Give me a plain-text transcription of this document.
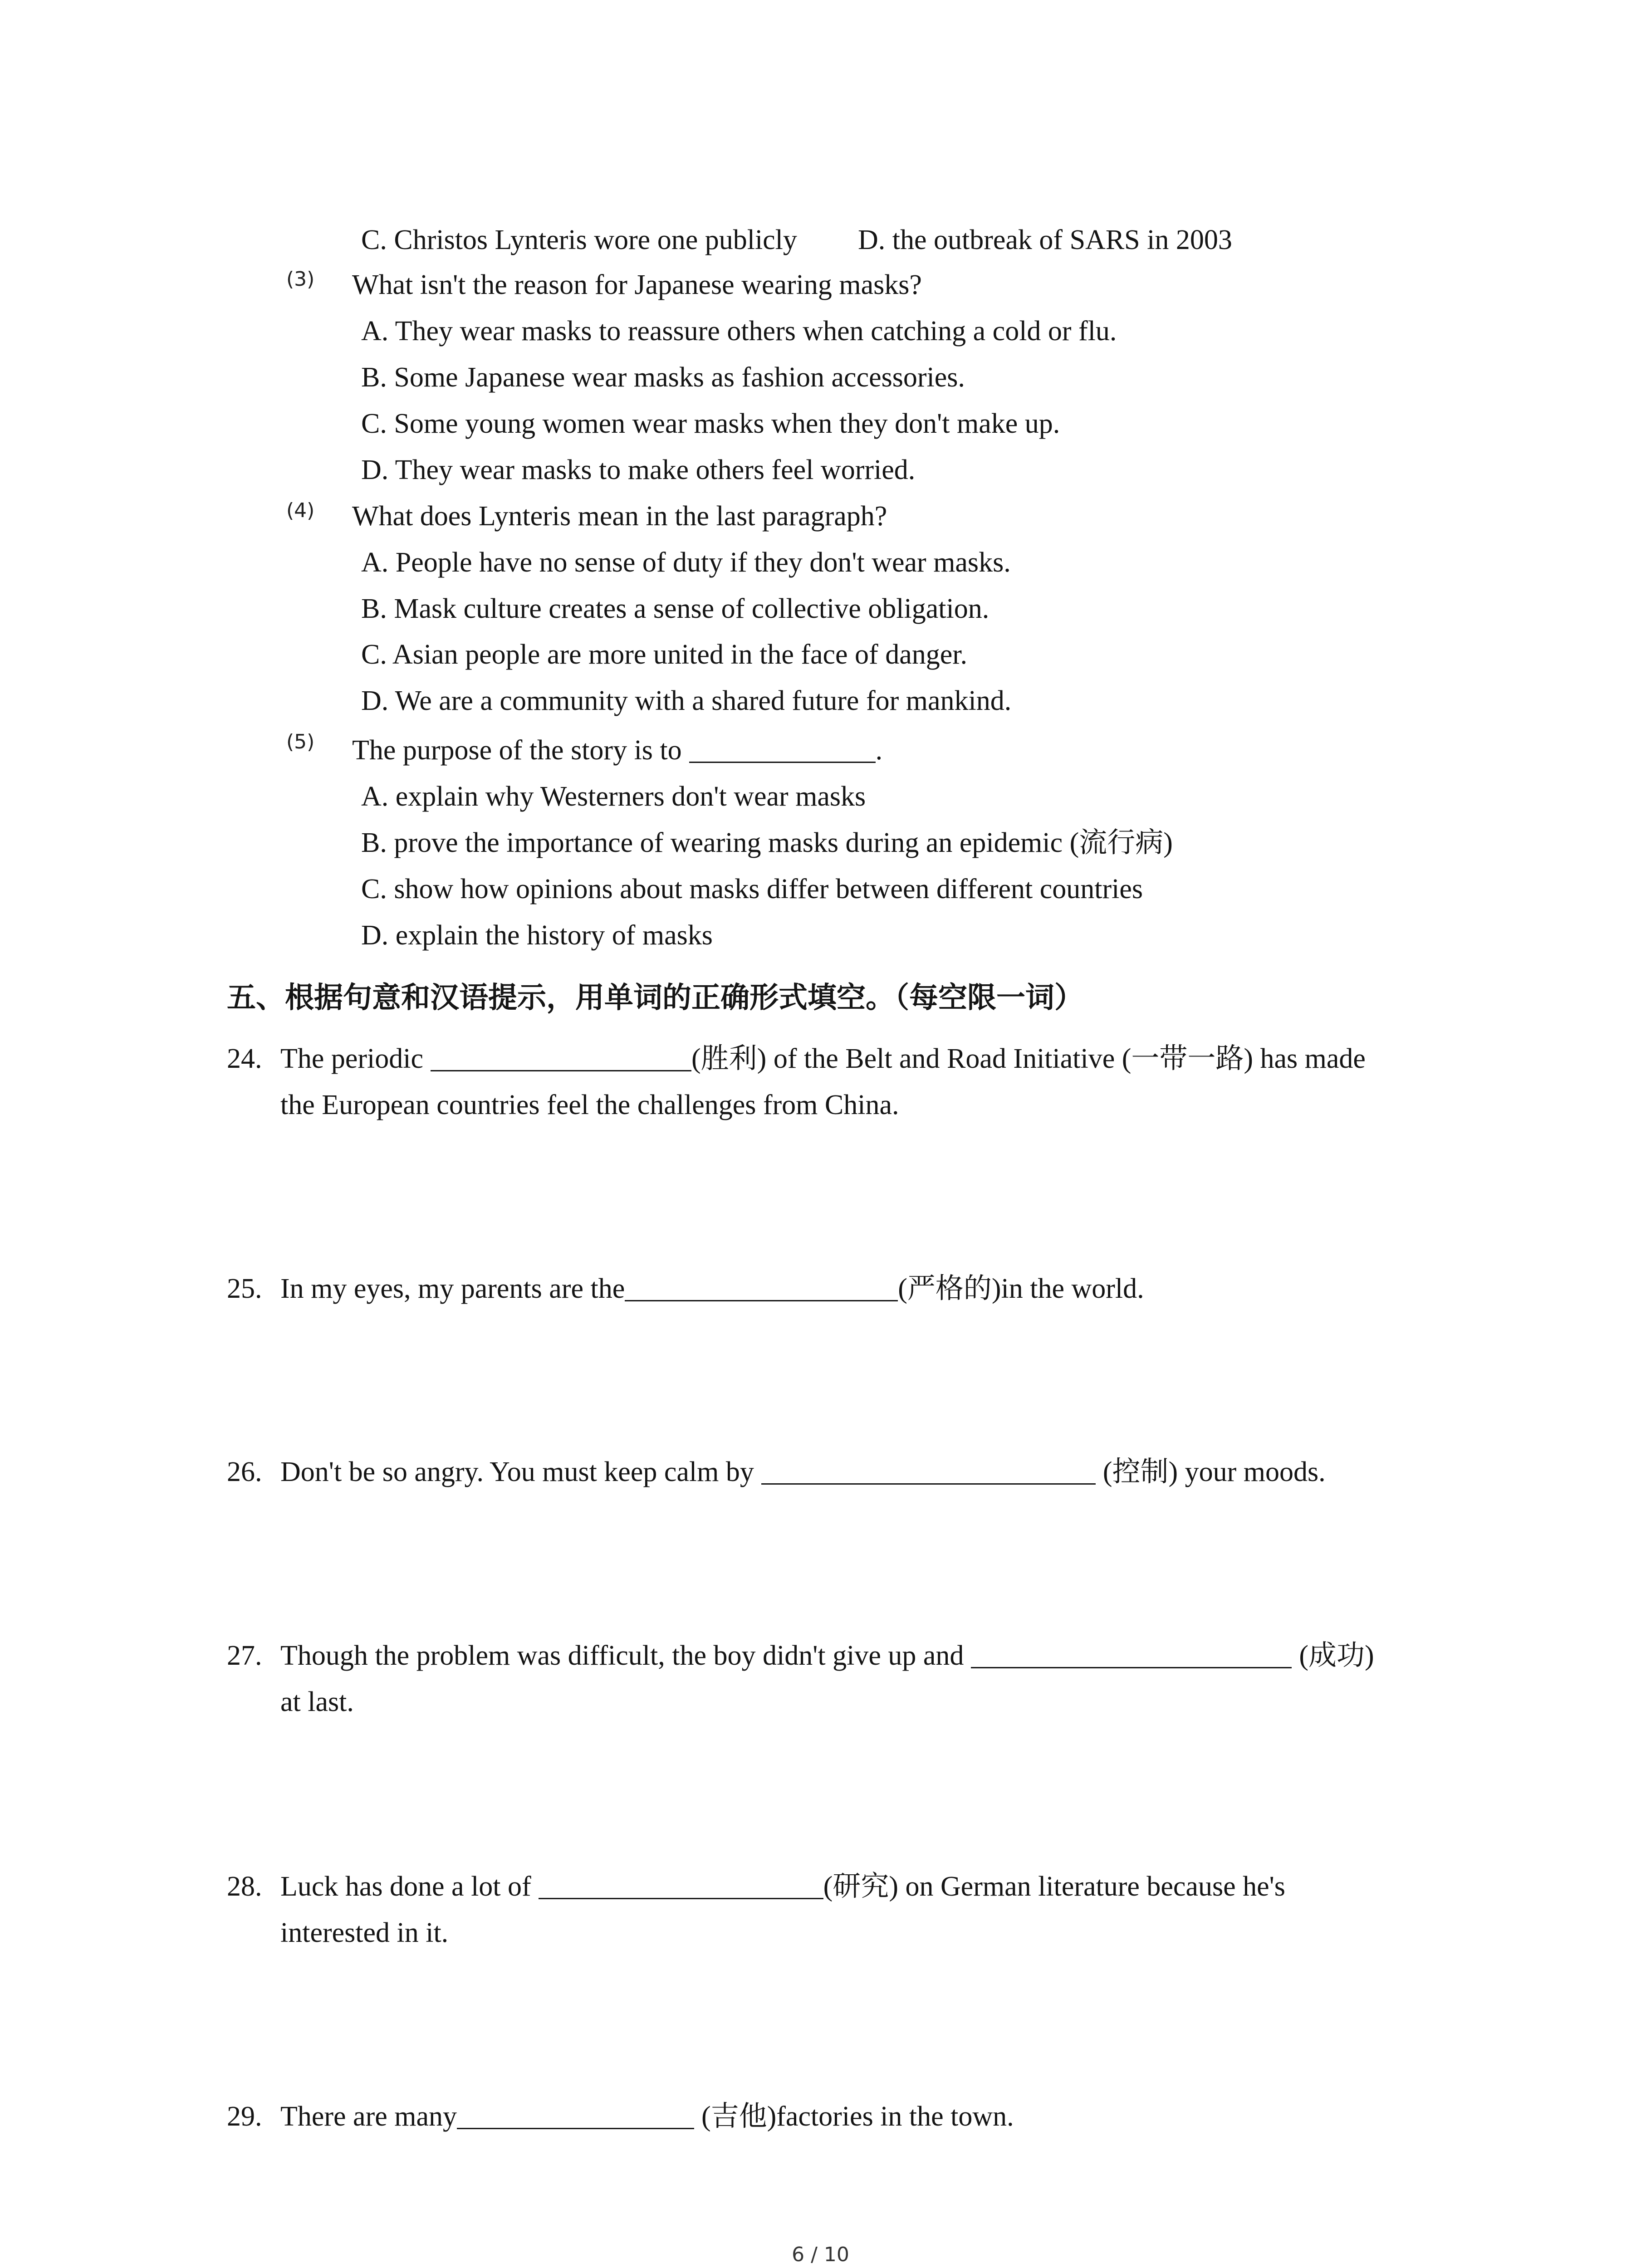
C. Christos Lynteris wore one publicly D. the outbreak of SARS in 2003
(3) What isn't the reason for Japanese wearing masks?
A. They wear masks to reassure others when catching a cold or flu.
B. Some Japanese wear masks as fashion accessories.
C. Some young women wear masks when they don't make up.
D. They wear masks to make others feel worried.
(4) What does Lynteris mean in the last paragraph?
A. People have no sense of duty if they don't wear masks.
B. Mask culture creates a sense of collective obligation.
C. Asian people are more united in the face of danger.
D. We are a community with a shared future for mankind.
(5) The purpose of the story is to	.
A. explain why Westerners don't wear masks
B. prove the importance of wearing masks during an epidemic (流行病)
C. show how opinions about masks differ between different countries
D. explain the history of masks
五、根据句意和汉语提示，用单词的正确形式填空。（每空限一词）
24. The periodic	(胜利) of the Belt and Road Initiative (一带一路) has made
the European countries feel the challenges from China.
25. In my eyes, my parents are the	(严格的)in the world.
26. Don't be so angry. You must keep calm by	(控制) your moods.
27. Though the problem was difficult, the boy didn't give up and	(成功)
at last.
28. Luck has done a lot of	(研究) on German literature because he's
interested in it.
29. There are many	(吉他)factories in the town.
6 / 10
